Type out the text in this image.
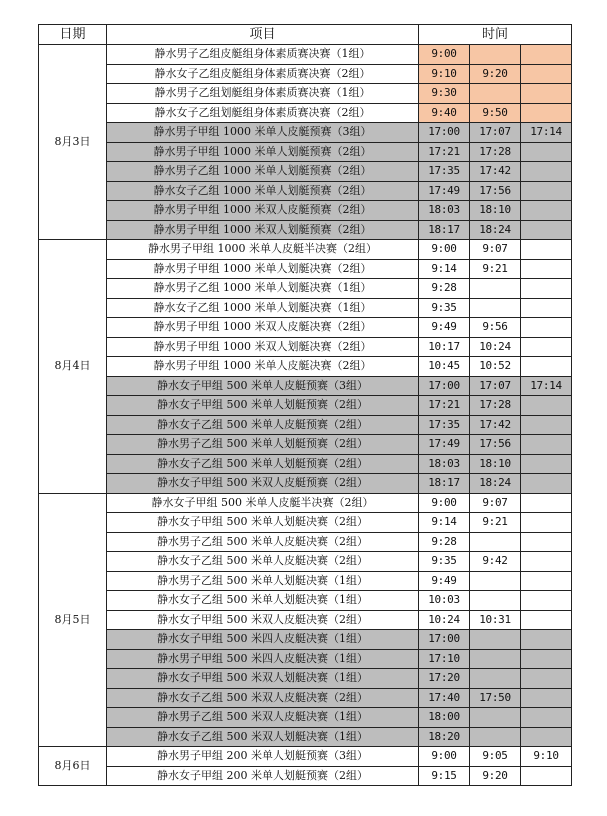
日期	项目	时间		
8月3日	静水男子乙组皮艇组身体素质赛决赛（1组）	9:00		
	静水女子乙组皮艇组身体素质赛决赛（2组）	9:10	9:20	
	静水男子乙组划艇组身体素质赛决赛（1组）	9:30		
	静水女子乙组划艇组身体素质赛决赛（2组）	9:40	9:50	
	静水男子甲组 1000 米单人皮艇预赛（3组）	17:00	17:07	17:14
	静水男子甲组 1000 米单人划艇预赛（2组）	17:21	17:28	
	静水男子乙组 1000 米单人划艇预赛（2组）	17:35	17:42	
	静水女子乙组 1000 米单人划艇预赛（2组）	17:49	17:56	
	静水男子甲组 1000 米双人皮艇预赛（2组）	18:03	18:10	
	静水男子甲组 1000 米双人划艇预赛（2组）	18:17	18:24	
8月4日	静水男子甲组 1000 米单人皮艇半决赛（2组）	9:00	9:07	
	静水男子甲组 1000 米单人划艇决赛（2组）	9:14	9:21	
	静水男子乙组 1000 米单人划艇决赛（1组）	9:28		
	静水女子乙组 1000 米单人划艇决赛（1组）	9:35		
	静水男子甲组 1000 米双人皮艇决赛（2组）	9:49	9:56	
	静水男子甲组 1000 米双人划艇决赛（2组）	10:17	10:24	
	静水男子甲组 1000 米单人皮艇决赛（2组）	10:45	10:52	
	静水女子甲组 500 米单人皮艇预赛（3组）	17:00	17:07	17:14
	静水女子甲组 500 米单人划艇预赛（2组）	17:21	17:28	
	静水女子乙组 500 米单人皮艇预赛（2组）	17:35	17:42	
	静水男子乙组 500 米单人划艇预赛（2组）	17:49	17:56	
	静水女子乙组 500 米单人划艇预赛（2组）	18:03	18:10	
	静水女子甲组 500 米双人皮艇预赛（2组）	18:17	18:24	
8月5日	静水女子甲组 500 米单人皮艇半决赛（2组）	9:00	9:07	
	静水女子甲组 500 米单人划艇决赛（2组）	9:14	9:21	
	静水男子乙组 500 米单人皮艇决赛（2组）	9:28		
	静水女子乙组 500 米单人皮艇决赛（2组）	9:35	9:42	
	静水男子乙组 500 米单人划艇决赛（1组）	9:49		
	静水女子乙组 500 米单人划艇决赛（1组）	10:03		
	静水女子甲组 500 米双人皮艇决赛（2组）	10:24	10:31	
	静水女子甲组 500 米四人皮艇决赛（1组）	17:00		
	静水男子甲组 500 米四人皮艇决赛（1组）	17:10		
	静水女子甲组 500 米双人划艇决赛（1组）	17:20		
	静水女子乙组 500 米双人皮艇决赛（2组）	17:40	17:50	
	静水男子乙组 500 米双人皮艇决赛（1组）	18:00		
	静水女子乙组 500 米双人划艇决赛（1组）	18:20		
8月6日	静水男子甲组 200 米单人划艇预赛（3组）	9:00	9:05	9:10
	静水女子甲组 200 米单人划艇预赛（2组）	9:15	9:20	
